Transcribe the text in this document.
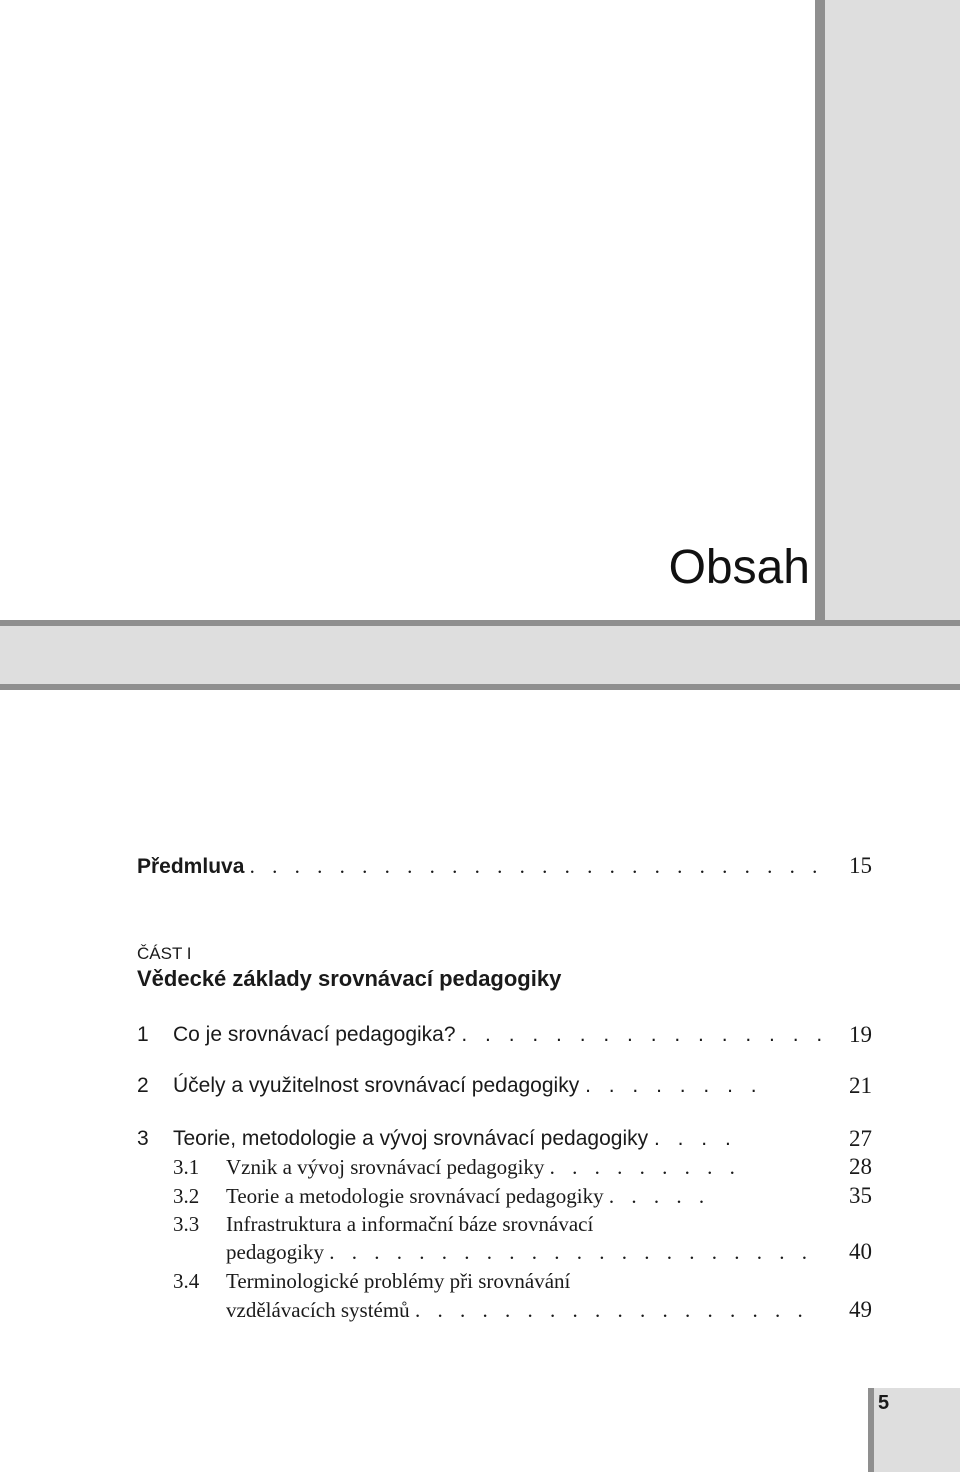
Obsah
Předmluva . . . . . . . . . . . . . . . . . . . . . . . . . . 15
ČÁST I
Vědecké základy srovnávací pedagogiky
1 Co je srovnávací pedagogika? . . . . . . . . . . . . . . . . 19
2 Účely a využitelnost srovnávací pedagogiky . . . . . . . .	21
3 Teorie, metodologie a vývoj srovnávací pedagogiky . . . .	27
3.1 Vznik a vývoj srovnávací pedagogiky . . . . . . . . .	28
3.2 Teorie a metodologie srovnávací pedagogiky . . . . .	35
3.3 Infrastruktura a informační báze srovnávací
pedagogiky . . . . . . . . . . . . . . . . . . . . . . 40
3.4 Terminologické problémy při srovnávání
vzdělávacích systémů . . . . . . . . . . . . . . . . . . 49
5
